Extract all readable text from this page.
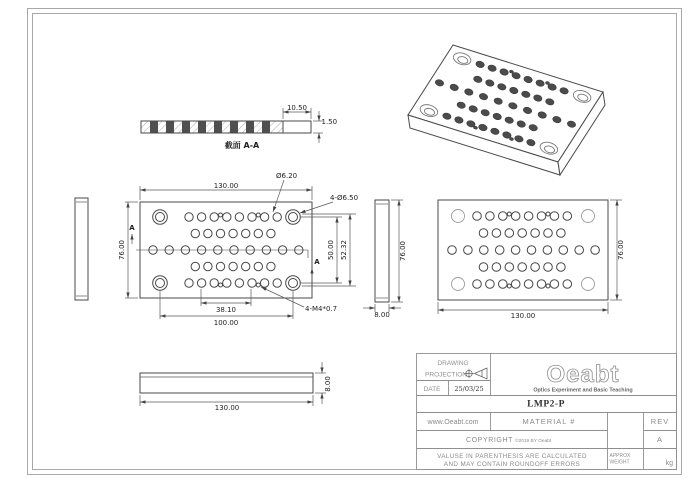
10.50
1.50
截面 A-A
A
A
130.00
76.00
Ø6.20
4-Ø6.50
50.00 52.32
38.10
100.00
4-M4*0.7
8.00
76.00
130.00
76.00
130.00
8.00
DRAWING
PROJECTION
DATE 25/03/25
Oeabt
Optics Experiment and Basic Teaching
LMP2-P
www.Oeabt.com	MATERIAL #	REV
A
COPYRIGHT ©2019 BY Oeabt
VALUSE IN PARENTHESIS ARE CALCULATED
AND MAY CONTAIN ROUNDOFF ERRORS
APPROX
WEIGHT	kg
